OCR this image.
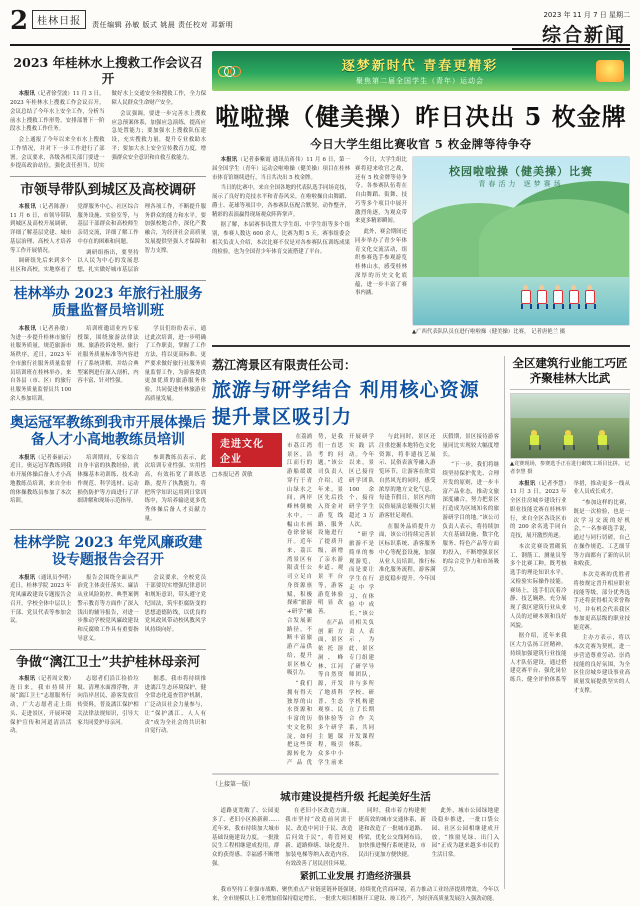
2 桂林日报	责任编辑 孙敏 版式 姚晨 责任校对 邓新明
2023 年 11 月 7 日 星期二
综合新闻
2023 年桂林水上搜救工作会议召开

本报讯（记者徐莹波）11 月 3 日，2023 年桂林水上搜救工作会议召开，会议总结了今年水上安全工作，分析当前水上搜救工作形势，安排部署下一阶段水上搜救工作任务。

会上通报了今年以来全市水上搜救工作情况，并对下一步工作进行了部署。会议要求，各级各相关部门要进一步提高政治站位，强化责任担当，切实做好水上交通安全和搜救工作，全力保障人民群众生命财产安全。

会议强调，要进一步完善水上搜救应急预案体系，加强应急演练，提高应急处置能力；要加强水上搜救队伍建设，充实搜救力量，提升专业救助水平；要加大水上安全宣传教育力度，增强群众安全意识和自救互救能力。

市领导带队到城区及高校调研

本报讯（记者陈静）11 月 6 日，市领导带队到城区及高校开展调研，详细了解基层党建、城市基层治理、高校人才培养等工作开展情况。

调研组先后来到多个社区和高校，实地察看了党群服务中心、社区综合服务设施、实验室等，与基层干部群众和高校师生亲切交流，详细了解工作中存在的困难和问题。

调研组指出，要坚持以人民为中心的发展思想，扎实做好城市基层治理各项工作，不断提升服务群众的能力和水平。要加强校地合作，深化产教融合，为经济社会高质量发展提供坚强人才保障和智力支撑。

桂林举办 2023 年旅行社服务质量监督员培训班

本报讯（记者孙敏）为进一步提升桂林市旅行社服务质量，规范旅游市场秩序，近日，2023 年全市旅行社服务质量监督员培训班在桂林举办，来自各县（市、区）的旅行社服务质量监督员共 100 余人参加培训。

培训班邀请业内专家授课，围绕旅游法律法规、旅游投诉处理、旅行社服务质量标准等内容进行了系统讲解，并结合典型案例进行深入剖析，内容丰富、针对性强。

学员们纷纷表示，通过此次培训，进一步明确了工作职责，掌握了工作方法，将以更高标准、更严要求做好旅行社服务质量监督工作，为游客提供更加优质的旅游服务体验，共同促进桂林旅游业高质量发展。

奥运冠军教练到我市开展体操后备人才小高地教练员培训

本报讯（记者秦丽云）近日，奥运冠军教练到我市开展体操后备人才小高地教练员培训，来自全市的体操教练员参加了本次培训。

培训期间，专家结合自身丰富的执教经验，就体操基本功训练、技术动作规范、科学选材、运动损伤防护等方面进行了详细讲解和现场示范指导。

参训教练员表示，此次培训专业性强、实用性高，有效拓宽了训练思路，提升了执教能力，将把所学知识运用到日常训练中，为培养输送更多优秀体操后备人才贡献力量。

桂林学院 2023 年党风廉政建设专题报告会召开

本报讯（通讯员李明）近日，桂林学院 2023 年党风廉政建设专题报告会召开，学校全体中层以上干部、党员代表等参加会议。

报告会围绕全面从严治党主体责任落实、廉洁从业风险防控、典型案例警示教育等方面作了深入浅出的辅导报告，对进一步推动学校党风廉政建设和反腐败工作具有重要指导意义。

会议要求，全校党员干部要切实增强纪律意识和规矩意识，带头遵守党纪国法，筑牢拒腐防变的思想道德防线，以优良的党风政风带动校风教风学风持续向好。

争做“漓江卫士”共护桂林母亲河

本报讯（记者周文俊）连日来，我市持续开展“漓江卫士”志愿服务行动，广大志愿者走上街头、走进景区，开展环境保护宣传和河道清洁活动。

志愿者们沿江捡拾垃圾、清理水面漂浮物，并向沿岸居民、游客发放宣传资料，普及漓江保护相关法律法规知识，引导大家共同爱护母亲河。

据悉，我市将持续推进漓江生态环境保护，健全常态化巡查管护机制，广泛动员社会力量参与，让“保护漓江、人人有责”成为全社会的共识和自觉行动。

逐梦新时代 青春更精彩
聚焦第二届全国学生（青年）运动会
啦啦操（健美操）昨日决出 5 枚金牌
今日大学生组比赛收官 5 枚金牌等待争夺

本报讯（记者秦紫霞 通讯员蒋伟）11 月 6 日，第一届全国学生（青年）运动会啦啦操（健美操）项目在桂林市体育馆继续进行，当日共决出 5 枚金牌。

当日的比赛中，来自全国各地的代表队选手同场竞技，展示了良好的竞技水平和青春风采。在啦啦操自由舞蹈、爵士、花球等项目中，各参赛队伍配合默契、动作整齐，精彩的表演赢得现场观众阵阵掌声。

据了解，本届赛事设置大学生组、中学生组等多个组别，参赛人数达 600 余人，比赛为期 5 天。赛事组委会相关负责人介绍，本次比赛不仅是对各参赛队伍训练成果的检验，也为全国青少年体育交流搭建了平台。

今日，大学生组比赛将迎来收官之战，还有 5 枚金牌等待争夺。各参赛队伍将在自由舞蹈、街舞、技巧等多个项目中展开激烈角逐，为观众带来更多精彩瞬间。

此外，赛会期间还同步举办了青少年体育文化交流活动，组织参赛选手参观游览桂林山水，感受桂林深厚的历史文化底蕴，进一步丰富了赛事内涵。

校园啦啦操（健美操）比赛
青春活力 逐梦赛场
▲广西代表队队员在进行啦啦操（健美操）比赛。 记者唐艳兰 摄
荔江湾景区有限责任公司：
旅游与研学结合 利用核心资源提升景区吸引力
走进文化企业
□本报记者 黄敏

在荔浦市荔江湾景区，沿江而行的游船缓缓穿行于青山绿水之间，两岸峰林倒映水中，一幅山水画卷徐徐展开。近年来，荔江湾景区有限责任公司立足自身资源禀赋，积极探索“旅游+研学”融合发展新路径，不断丰富旅游产品供给，提升景区核心吸引力。

“我们拥有得天独厚的山水资源和丰富的历史文化积淀，如何把这些资源转化为产品优势，是我们一直思考的问题。”该公司负责人介绍，近年来，景区先后投入资金对游览线路、服务设施进行了提质升级，新增了亲水游步道、观景平台等，游客游览体验明显改善。

在产品创新方面，景区依托溶洞、峰林、江河等自然资源，开发了地质科普、生态观察、民俗体验等多个研学主题课程，吸引众多中小学生前来开展研学实践活动。今年以来，景区已接待研学团队 100 余个，接待研学学生超过 3 万人次。

“研学旅游不是简单的参观游览，而是要让学生在行走中学习、在体验中成长。”该公司相关负责人表示，为此，景区专门组建了研学导师团队，并与多所学校、研学机构建立了长期合作关系，共同开发课程体系。

与此同时，景区还注重挖掘本地特色文化资源，将非遗技艺展示、民俗表演等融入游览环节，让游客在欣赏自然风光的同时，感受浓厚的地方文化气息。每逢节假日，景区内的民俗展演总能吸引大量游客驻足观看。

在服务品质提升方面，该公司持续完善景区标识系统、游客服务中心等配套设施，加强从业人员培训，推行标准化服务流程，游客满意度稳步提升。今年国庆假期，景区接待游客量同比实现较大幅度增长。

“下一步，我们将继续坚持保护优先、合理开发的原则，进一步丰富产品业态，推动文旅深度融合，努力把景区打造成为区域知名的旅游研学目的地。”该公司负责人表示，将持续加大在基础设施、数字化服务、特色产品等方面的投入，不断增强景区的综合竞争力和市场吸引力。

（上接第一版）
城市建设提档升级 托起美好生活

道路更宽敞了、公园更多了、老旧小区换新颜……近年来，我市持续加大城市基础设施建设力度，一批批民生工程相继建成投用，群众的获得感、幸福感不断增强。

在老旧小区改造方面，我市坚持“改造前问需于民、改造中问计于民、改造后问效于民”，将管网更新、道路修缮、绿化提升、加装电梯等纳入改造内容，有效改善了居民居住环境。

同时，我市着力构建便捷高效的城市交通体系，新建和改造了一批城市道路、桥梁，优化公交线网布局，加快推进慢行系统建设，市民出行更加方便快捷。

此外，城市公园绿地建设稳步推进，一批口袋公园、社区公园相继建成开放，“推窗见绿、出门入园”正成为越来越多市民的生活日常。

紧抓工业发展 打造经济强县

我市坚持工业强市战略，聚焦重点产业链延链补链强链，持续优化营商环境，着力推动工业经济提质增效。今年以来，全市规模以上工业增加值保持稳定增长，一批重大项目相继开工建设、竣工投产，为经济高质量发展注入强劲动能。

全区建筑行业能工巧匠齐聚桂林大比武
▲竞赛现场，参赛选手正在进行砌筑工项目比拼。 记者李慧 摄

本报讯（记者李慧）11 月 3 日，2023 年全区住房城乡建设行业职业技能竞赛在桂林举行，来自全区各设区市的 200 余名选手同台竞技，展开激烈角逐。

本次竞赛设置砌筑工、钢筋工、测量员等多个比赛工种，既考核选手的理论知识水平，又检验实际操作技能。赛场上，选手们沉着冷静、技艺娴熟，充分展现了我区建筑行业从业人员的过硬本领和良好风貌。

据介绍，近年来我区大力弘扬工匠精神，持续加强建筑行业技能人才队伍建设，通过搭建竞赛平台、强化岗位练兵、健全评价体系等举措，推动更多一线从业人员成长成才。

“参加这样的比赛，既是一次检验，也是一次学习交流的好机会。”一名参赛选手说，通过与同行切磋，自己在操作规范、工艺细节等方面都有了新的认识和收获。

本次竞赛的优胜者将按规定晋升相应职业技能等级，部分优秀选手还将获得相关荣誉称号，并有机会代表我区参加更高层级的职业技能竞赛。

主办方表示，将以本次竞赛为契机，进一步营造尊重劳动、崇尚技能的良好氛围，为全区住房城乡建设事业高质量发展提供坚实的人才支撑。
